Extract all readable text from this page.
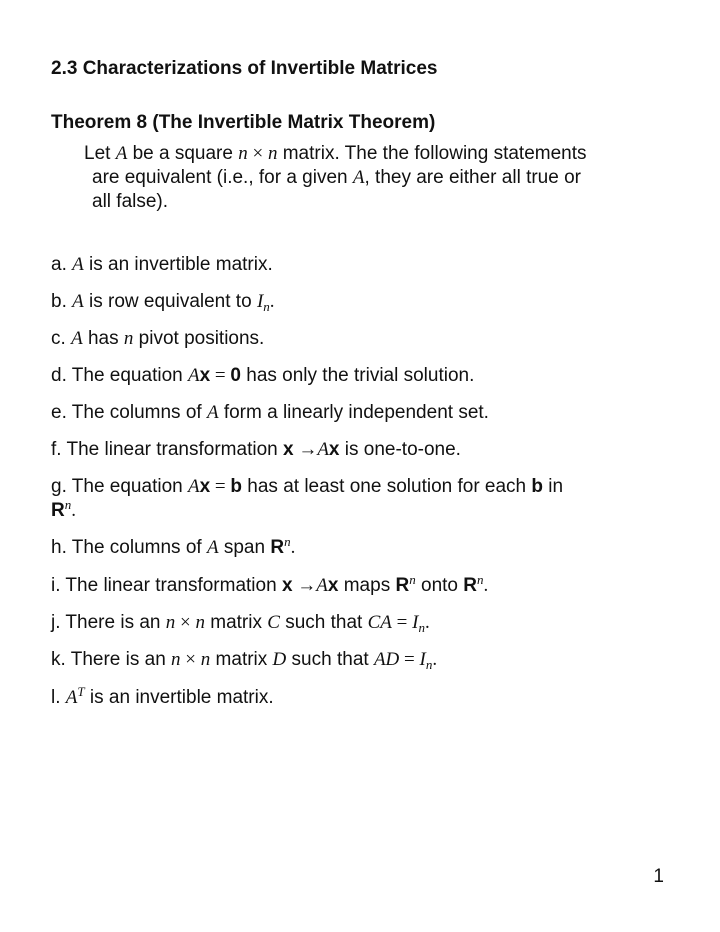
2.3 Characterizations of Invertible Matrices
Theorem 8 (The Invertible Matrix Theorem)
Let A be a square n × n matrix. The the following statements
are equivalent (i.e., for a given A, they are either all true or
all false).
a. A is an invertible matrix.
b. A is row equivalent to $I_n$.
c. A has n pivot positions.
d. The equation Ax = 0 has only the trivial solution.
e. The columns of A form a linearly independent set.
f. The linear transformation x →Ax is one-to-one.
g. The equation Ax = b has at least one solution for each b in
$R^n$.
h. The columns of A span $R^n$.
i. The linear transformation x →Ax maps $R^n$ onto $R^n$.
j. There is an n × n matrix C such that CA = $I_n$.
k. There is an n × n matrix D such that AD = $I_n$.
l. $A^T$ is an invertible matrix.
1
